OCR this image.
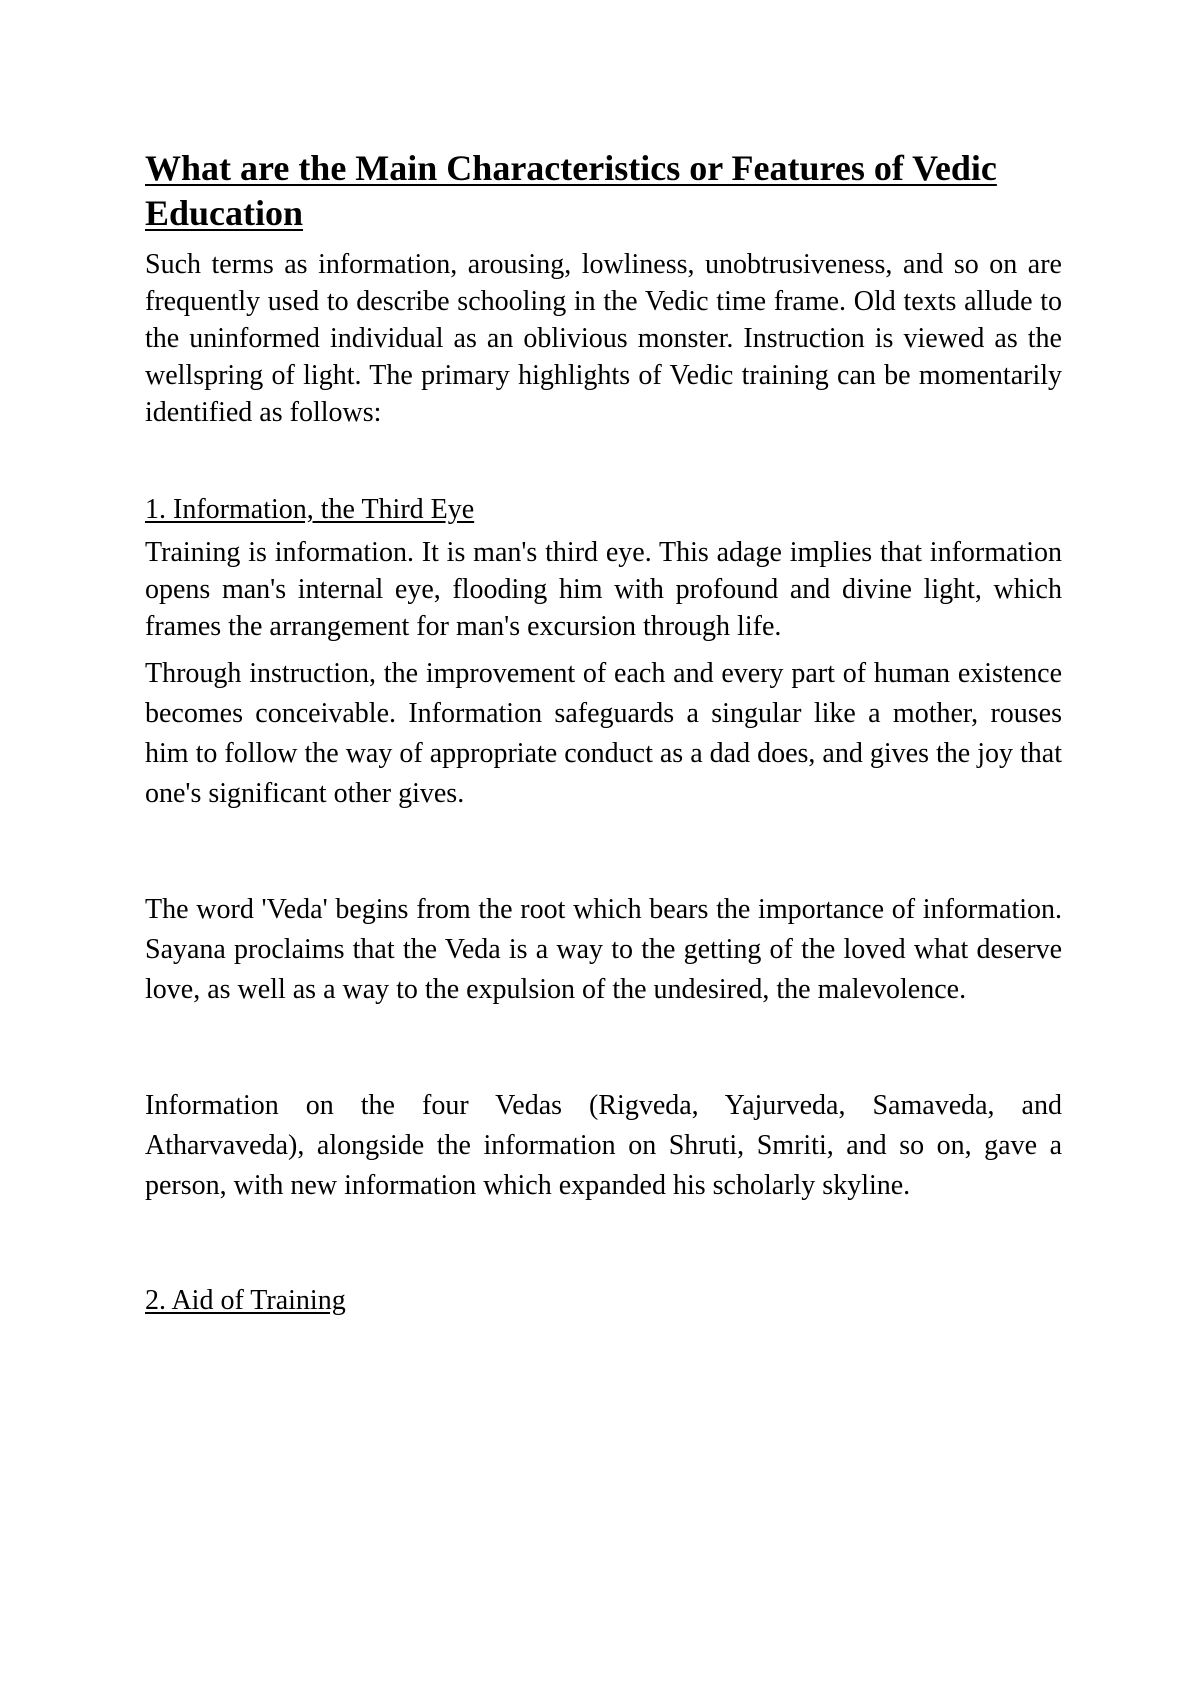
What are the Main Characteristics or Features of Vedic Education

Such terms as information, arousing, lowliness, unobtrusiveness, and so on are frequently used to describe schooling in the Vedic time frame. Old texts allude to the uninformed individual as an oblivious monster. Instruction is viewed as the wellspring of light. The primary highlights of Vedic training can be momentarily identified as follows:

1. Information, the Third Eye

Training is information. It is man's third eye. This adage implies that information opens man's internal eye, flooding him with profound and divine light, which frames the arrangement for man's excursion through life.

Through instruction, the improvement of each and every part of human existence becomes conceivable. Information safeguards a singular like a mother, rouses him to follow the way of appropriate conduct as a dad does, and gives the joy that one's significant other gives.

The word 'Veda' begins from the root which bears the importance of information. Sayana proclaims that the Veda is a way to the getting of the loved what deserve love, as well as a way to the expulsion of the undesired, the malevolence.

Information on the four Vedas (Rigveda, Yajurveda, Samaveda, and Atharvaveda), alongside the information on Shruti, Smriti, and so on, gave a person, with new information which expanded his scholarly skyline.

2. Aid of Training
